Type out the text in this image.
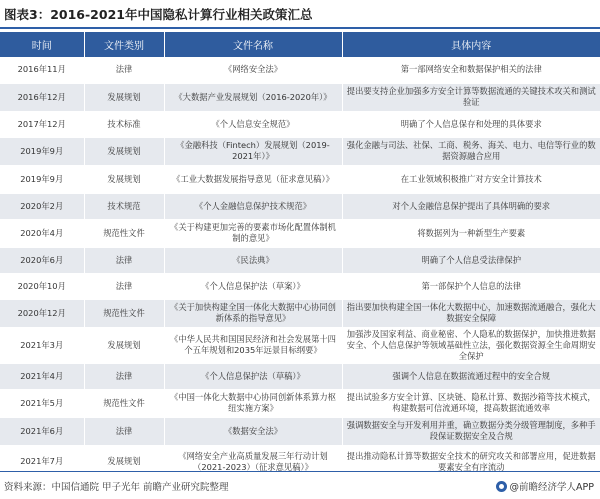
图表3：2016-2021年中国隐私计算行业相关政策汇总
时间	文件类别	文件名称	具体内容
2016年11月	法律	《网络安全法》	第一部网络安全和数据保护相关的法律
2016年12月	发展规划	《大数据产业发展规划（2016-2020年）》	提出要支持企业加强多方安全计算等数据流通的关键技术攻关和测试验证
2017年12月	技术标准	《个人信息安全规范》	明确了个人信息保存和处理的具体要求
2019年9月	发展规划	《金融科技（Fintech）发展规划（2019-2021年）》	强化金融与司法、社保、工商、税务、海关、电力、电信等行业的数据资源融合应用
2019年9月	发展规划	《工业大数据发展指导意见（征求意见稿）》	在工业领域积极推广对方安全计算技术
2020年2月	技术规范	《个人金融信息保护技术规范》	对个人金融信息保护提出了具体明确的要求
2020年4月	规范性文件	《关于构建更加完善的要素市场化配置体制机制的意见》	将数据列为一种新型生产要素
2020年6月	法律	《民法典》	明确了个人信息受法律保护
2020年10月	法律	《个人信息保护法（草案）》	第一部保护个人信息的法律
2020年12月	规范性文件	《关于加快构建全国一体化大数据中心协同创新体系的指导意见》	指出要加快构建全国一体化大数据中心，加速数据流通融合，强化大数据安全保障
2021年3月	发展规划	《中华人民共和国国民经济和社会发展第十四个五年规划和2035年远景目标纲要》	加强涉及国家利益、商业秘密、个人隐私的数据保护，加快推进数据安全、个人信息保护等领域基础性立法，强化数据资源全生命周期安全保护
2021年4月	法律	《个人信息保护法（草稿）》	强调个人信息在数据流通过程中的安全合规
2021年5月	规范性文件	《中国一体化大数据中心协同创新体系算力枢纽实施方案》	提出试验多方安全计算、区块链、隐私计算、数据沙箱等技术模式，构建数据可信流通环境，提高数据流通效率
2021年6月	法律	《数据安全法》	强调数据安全与开发利用并重，确立数据分类分级管理制度，多种手段保证数据安全及合规
2021年7月	发展规划	《网络安全产业高质量发展三年行动计划（2021-2023）（征求意见稿）》	提出推动隐私计算等数据安全技术的研究攻关和部署应用，促进数据要素安全有序流动
资料来源：中国信通院 甲子光年 前瞻产业研究院整理	@前瞻经济学人APP
